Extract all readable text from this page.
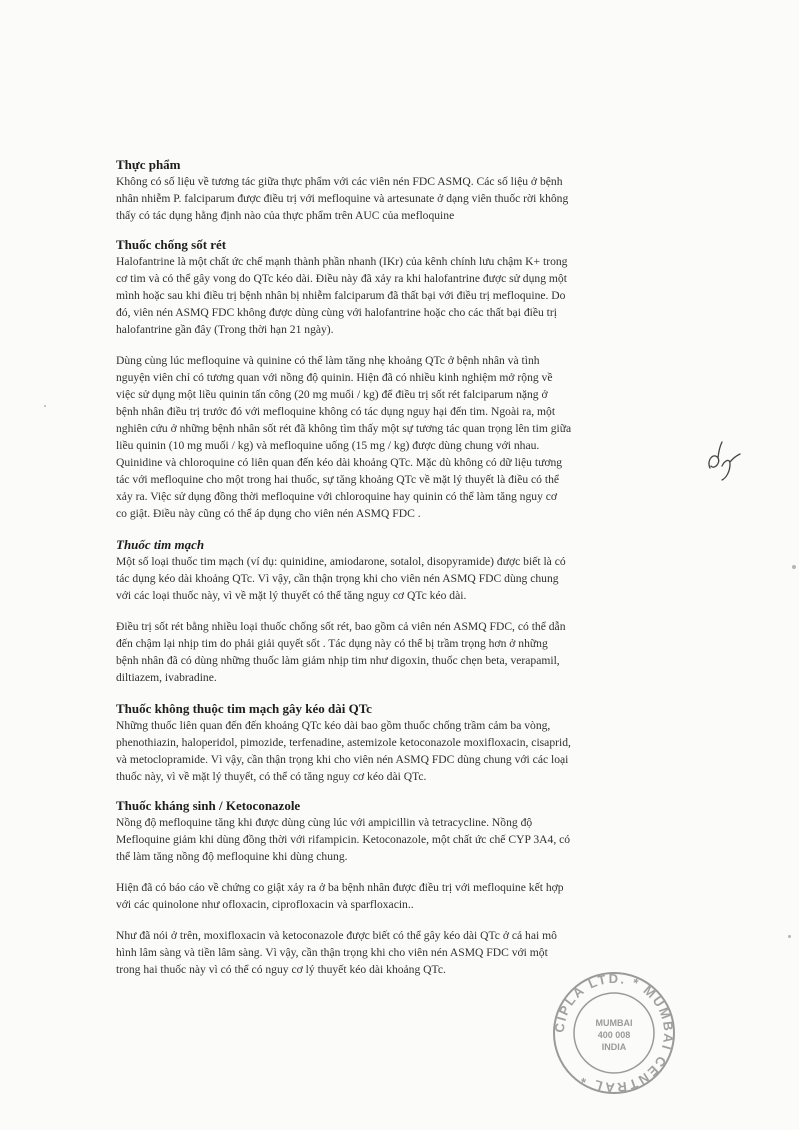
Thực phẩm

Không có số liệu về tương tác giữa thực phẩm với các viên nén FDC ASMQ. Các số liệu ở bệnh
nhân nhiễm P. falciparum được điều trị với mefloquine và artesunate ở dạng viên thuốc rời không
thấy có tác dụng hằng định nào của thực phẩm trên AUC của mefloquine

Thuốc chống sốt rét

Halofantrine là một chất ức chế mạnh thành phần nhanh (IKr) của kênh chính lưu chậm K+ trong
cơ tim và có thể gây vong do QTc kéo dài. Điều này đã xảy ra khi halofantrine được sử dụng một
mình hoặc sau khi điều trị bệnh nhân bị nhiễm falciparum đã thất bại với điều trị mefloquine. Do
đó, viên nén ASMQ FDC không được dùng cùng với halofantrine hoặc cho các thất bại điều trị
halofantrine gần đây (Trong thời hạn 21 ngày).

Dùng cùng lúc mefloquine và quinine có thể làm tăng nhẹ khoảng QTc ở bệnh nhân và tình
nguyện viên chỉ có tương quan với nồng độ quinin. Hiện đã có nhiều kinh nghiệm mở rộng về
việc sử dụng một liều quinin tấn công (20 mg muối / kg) để điều trị sốt rét falciparum nặng ở
bệnh nhân điều trị trước đó với mefloquine không có tác dụng nguy hại đến tim. Ngoài ra, một
nghiên cứu ở những bệnh nhân sốt rét đã không tìm thấy một sự tương tác quan trọng lên tim giữa
liều quinin (10 mg muối / kg) và mefloquine uống (15 mg / kg) được dùng chung với nhau.
Quinidine và chloroquine có liên quan đến kéo dài khoảng QTc. Mặc dù không có dữ liệu tương
tác với mefloquine cho một trong hai thuốc, sự tăng khoảng QTc về mặt lý thuyết là điều có thể
xảy ra. Việc sử dụng đồng thời mefloquine với chloroquine hay quinin có thể làm tăng nguy cơ
co giật. Điều này cũng có thể áp dụng cho viên nén ASMQ FDC .

Thuốc tim mạch

Một số loại thuốc tim mạch (ví dụ: quinidine, amiodarone, sotalol, disopyramide) được biết là có
tác dụng kéo dài khoảng QTc. Vì vậy, cần thận trọng khi cho viên nén ASMQ FDC dùng chung
với các loại thuốc này, vì về mặt lý thuyết có thể tăng nguy cơ QTc kéo dài.

Điều trị sốt rét bằng nhiều loại thuốc chống sốt rét, bao gồm cả viên nén ASMQ FDC, có thể dẫn
đến chậm lại nhịp tim do phải giải quyết sốt . Tác dụng này có thể bị trầm trọng hơn ở những
bệnh nhân đã có dùng những thuốc làm giảm nhịp tim như digoxin, thuốc chẹn beta, verapamil,
diltiazem, ivabradine.

Thuốc không thuộc tim mạch gây kéo dài QTc

Những thuốc liên quan đến đến khoảng QTc kéo dài bao gồm thuốc chống trầm cảm ba vòng,
phenothiazin, haloperidol, pimozide, terfenadine, astemizole ketoconazole moxifloxacin, cisaprid,
và metoclopramide. Vì vậy, cần thận trọng khi cho viên nén ASMQ FDC dùng chung với các loại
thuốc này, vì về mặt lý thuyết, có thể có tăng nguy cơ kéo dài QTc.

Thuốc kháng sinh / Ketoconazole

Nồng độ mefloquine tăng khi được dùng cùng lúc với ampicillin và tetracycline. Nồng độ
Mefloquine giảm khi dùng đồng thời với rifampicin. Ketoconazole, một chất ức chế CYP 3A4, có
thể làm tăng nồng độ mefloquine khi dùng chung.

Hiện đã có báo cáo về chứng co giật xảy ra ở ba bệnh nhân được điều trị với mefloquine kết hợp
với các quinolone như ofloxacin, ciprofloxacin và sparfloxacin..

Như đã nói ở trên, moxifloxacin và ketoconazole được biết có thể gây kéo dài QTc ở cả hai mô
hình lâm sàng và tiền lâm sàng. Vì vậy, cần thận trọng khi cho viên nén ASMQ FDC với một
trong hai thuốc này vì có thể có nguy cơ lý thuyết kéo dài khoảng QTc.

CIPLA LTD. * MUMBAI CENTRAL *
MUMBAI
400 008
INDIA
